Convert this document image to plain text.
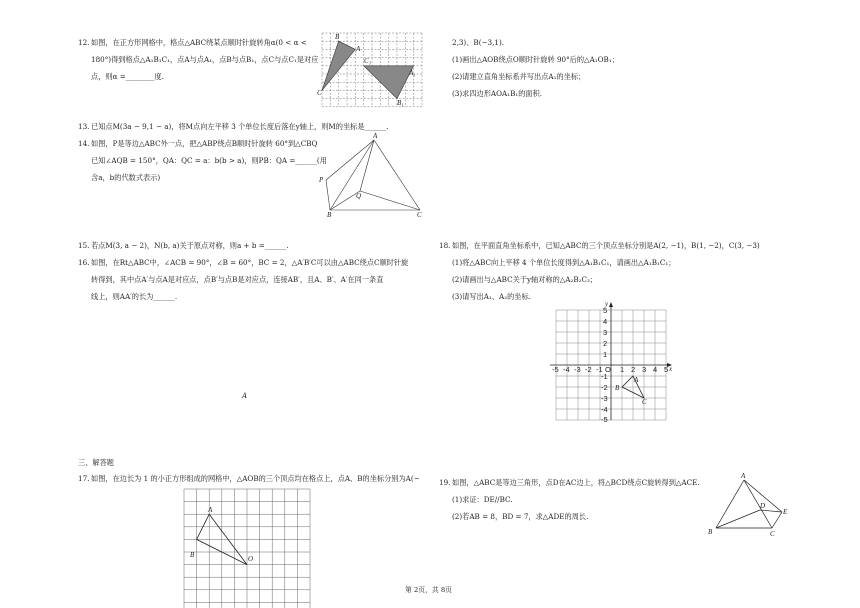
12. 如图，在正方形网格中，格点△ABC绕某点顺时针旋转角α(0 < α <
180°)得到格点△A₁B₁C₁，点A与点A₁，点B与点B₁，点C与点C₁是对应
点，则α =________度.
B
A
C
C₁
A₁
B₁
13. 已知点M(3a − 9,1 − a)，将M点向左平移 3 个单位长度后落在y轴上，则M的坐标是______.
14. 如图，P是等边△ABC外一点，把△ABP绕点B顺时针旋转 60°到△CBQ
已知∠AQB = 150°，QA：QC = a：b(b > a)，则PB：QA =______(用
含a，b的代数式表示)
A
P
Q
B	C
15. 若点M(3, a − 2)，N(b, a)关于原点对称，则a + b =______.
16. 如图，在Rt△ABC中，∠ACB = 90°，∠B = 60°，BC = 2，△A′B′C可以由△ABC绕点C顺时针旋
转得到，其中点A′与点A是对应点，点B′与点B是对应点，连接AB′，且A、B′、A′在同一条直
线上，则AA′的长为______.
A
三、解答题
17. 如图，在边长为 1 的小正方形组成的网格中，△AOB的三个顶点均在格点上，点A、B的坐标分别为A(−
A
B	O
2,3)、B(−3,1).
(1)画出△AOB绕点O顺时针旋转 90°后的△A₁OB₁；
(2)请建立直角坐标系并写出点A₁的坐标；
(3)求四边形AOA₁B₁的面积.
18. 如图，在平面直角坐标系中，已知△ABC的三个顶点坐标分别是A(2, −1)，B(1, −2)，C(3, −3)
(1)将△ABC向上平移 4 个单位长度得到△A₁B₁C₁，请画出△A₁B₁C₁；
(2)请画出与△ABC关于y轴对称的△A₂B₂C₂；
(3)请写出A₁、A₂的坐标.
y
x
O
-5 -4 -3 -2 -1 1 2 3 4 5
5
4
3
2
1
-1
-2
-3
-4
-5
A
B
C
19. 如图，△ABC是等边三角形，点D在AC边上，将△BCD绕点C旋转得到△ACE.
(1)求证：DE//BC.
(2)若AB = 8，BD = 7，求△ADE的周长.
A
B	C
D
E
第 2页，共 8页
